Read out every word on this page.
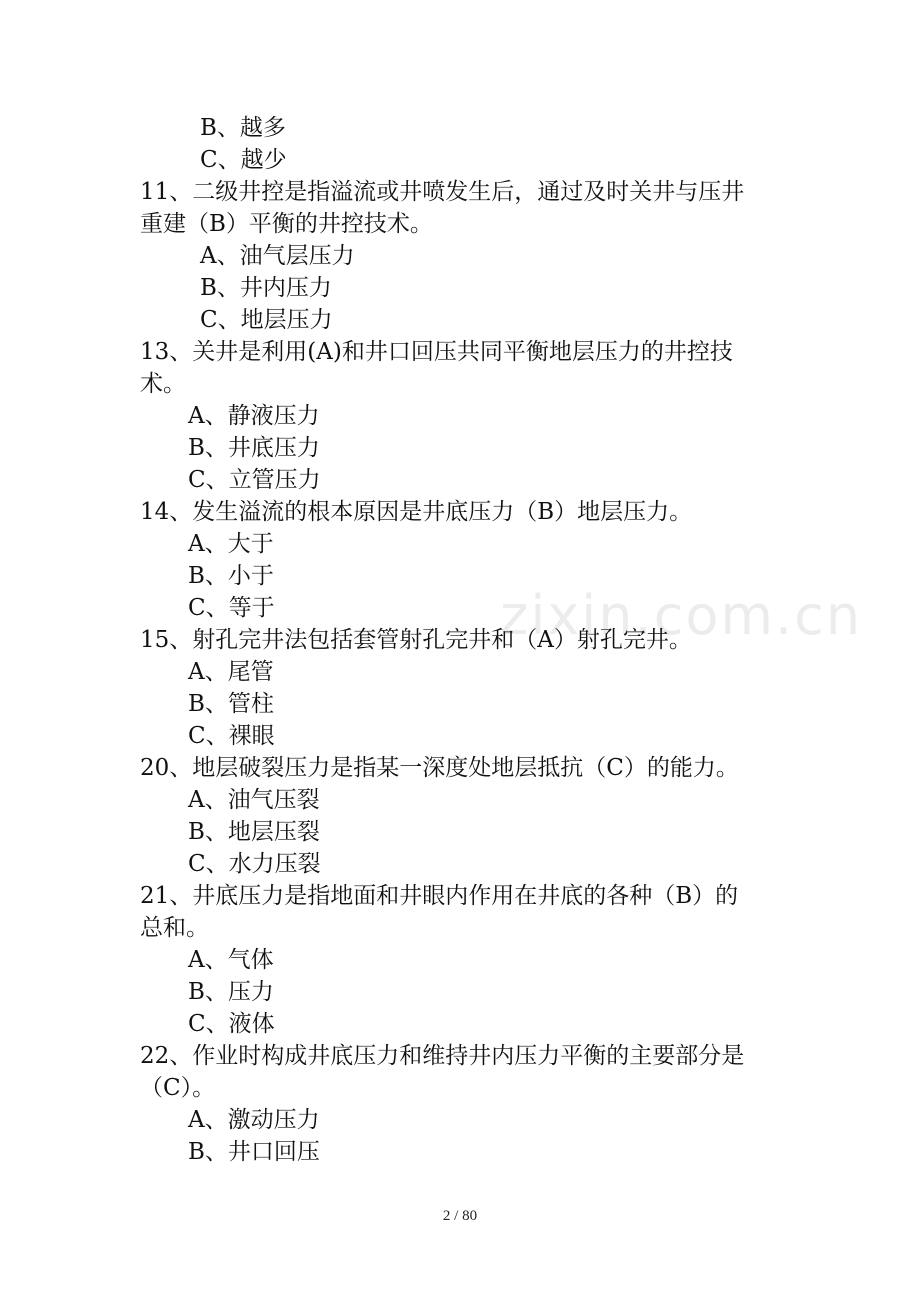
B、越多
C、越少
11、二级井控是指溢流或井喷发生后，通过及时关井与压井
重建（B）平衡的井控技术。
A、油气层压力
B、井内压力
C、地层压力
13、关井是利用(A)和井口回压共同平衡地层压力的井控技
术。
A、静液压力
B、井底压力
C、立管压力
14、发生溢流的根本原因是井底压力（B）地层压力。
A、大于
B、小于
C、等于
15、射孔完井法包括套管射孔完井和（A）射孔完井。
A、尾管
B、管柱
C、裸眼
20、地层破裂压力是指某一深度处地层抵抗（C）的能力。
A、油气压裂
B、地层压裂
C、水力压裂
21、井底压力是指地面和井眼内作用在井底的各种（B）的
总和。
A、气体
B、压力
C、液体
22、作业时构成井底压力和维持井内压力平衡的主要部分是
（C）。
A、激动压力
B、井口回压
zixin.com.cn
2 / 80
